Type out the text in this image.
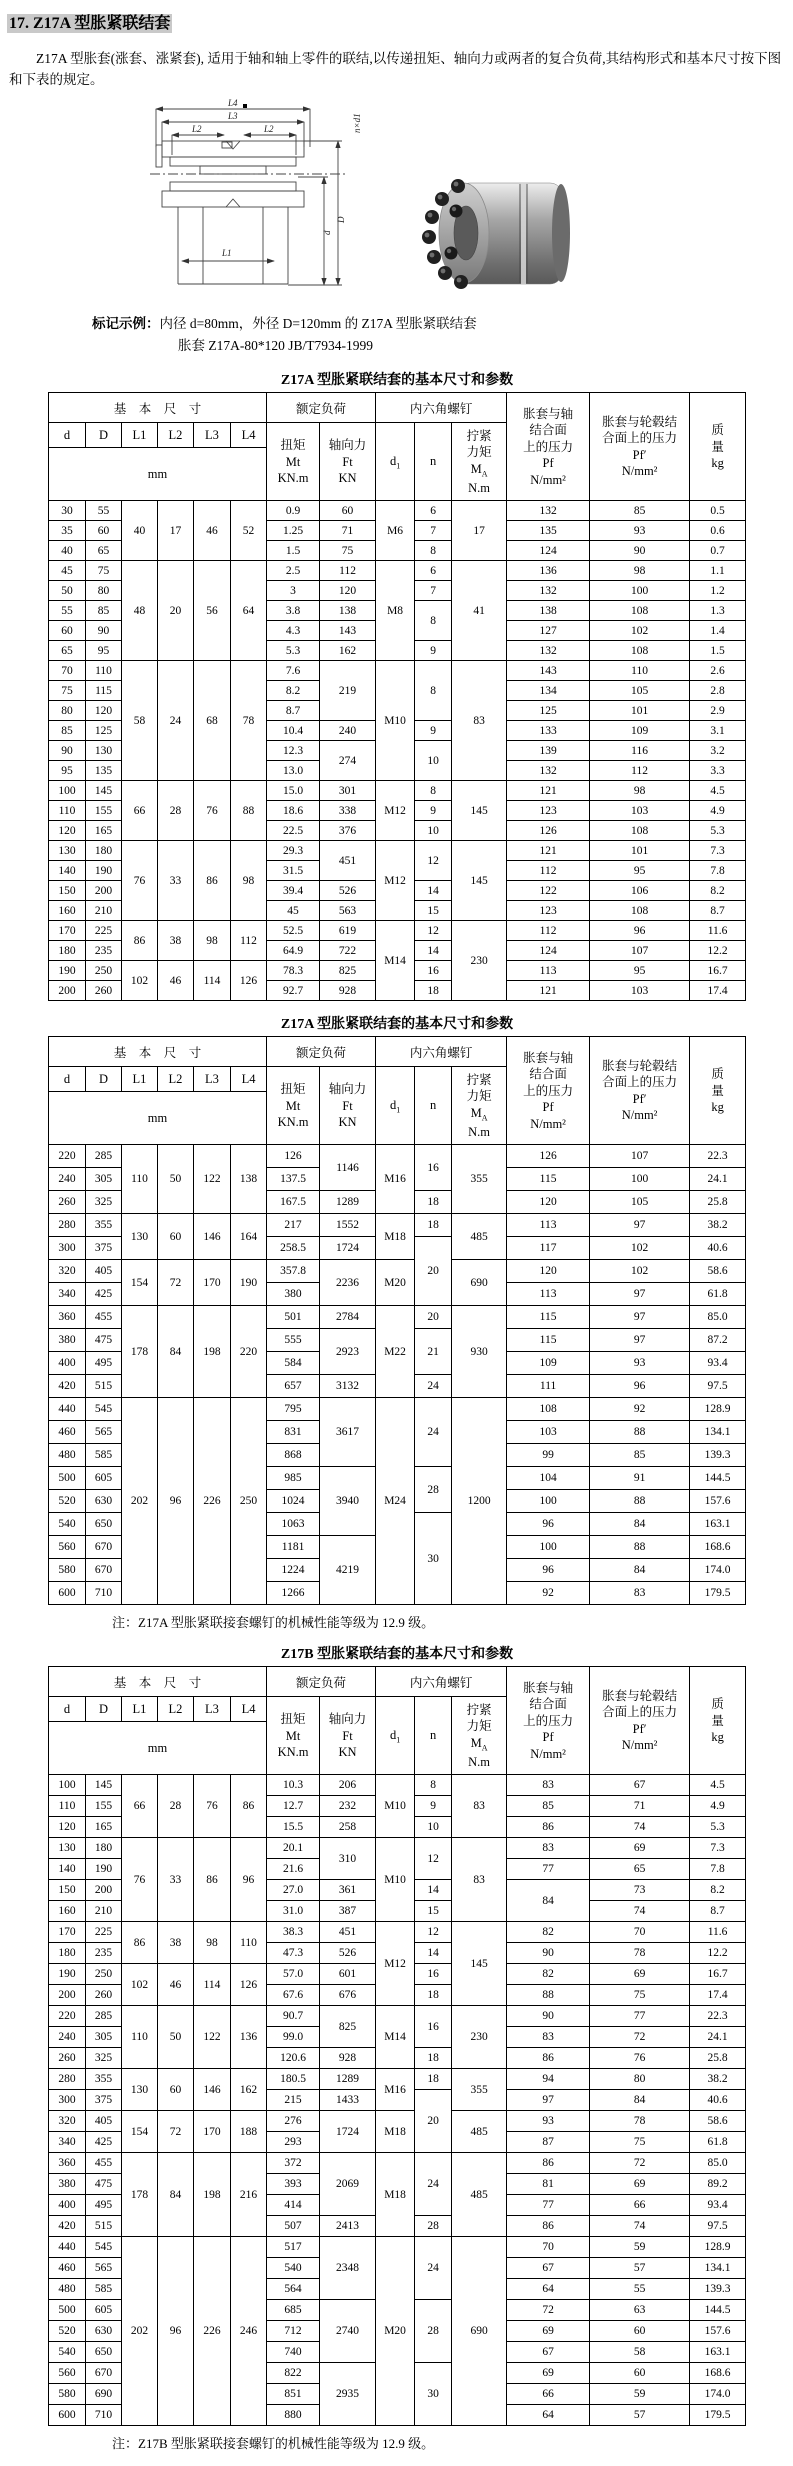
17. Z17A 型胀紧联结套

Z17A 型胀套(涨套、涨紧套), 适用于轴和轴上零件的联结,以传递扭矩、轴向力或两者的复合负荷,其结构形式和基本尺寸按下图和下表的规定。

L4
L3
L2	L2
L1
n×d1
d
D
标记示例：内径 d=80mm，外径 D=120mm 的 Z17A 型胀紧联结套
胀套 Z17A-80*120 JB/T7934-1999
Z17A 型胀紧联结套的基本尺寸和参数
基　本　尺　寸	额定负荷	内六角螺钉	胀套与轴
结合面
上的压力
Pf
N/mm²

胀套与轮毂结
合面上的压力
Pf′
N/mm²

质
量
kg

d	D	L1	L2	L3	L4	
扭矩
Mt
KN.m

轴向力
Ft
KN
	$d_1$	n	
拧紧
力矩
$M_A$
N.m

mm													
30	55	40	17	46	52	0.9	60	M6	6	17	132	85	0.5
35	60					1.25	71		7		135	93	0.6
40	65					1.5	75		8		124	90	0.7
45	75	48	20	56	64	2.5	112	M8	6	41	136	98	1.1
50	80					3	120		7		132	100	1.2
55	85					3.8	138		8		138	108	1.3
60	90					4.3	143				127	102	1.4
65	95					5.3	162		9		132	108	1.5
70	110	58	24	68	78	7.6	219	M10	8	83	143	110	2.6
75	115					8.2					134	105	2.8
80	120					8.7					125	101	2.9
85	125					10.4	240		9		133	109	3.1
90	130					12.3	274		10		139	116	3.2
95	135					13.0					132	112	3.3
100	145	66	28	76	88	15.0	301	M12	8	145	121	98	4.5
110	155					18.6	338		9		123	103	4.9
120	165					22.5	376		10		126	108	5.3
130	180	76	33	86	98	29.3	451	M12	12	145	121	101	7.3
140	190					31.5					112	95	7.8
150	200					39.4	526		14		122	106	8.2
160	210					45	563		15		123	108	8.7
170	225	86	38	98	112	52.5	619	M14	12	230	112	96	11.6
180	235					64.9	722		14		124	107	12.2
190	250	102	46	114	126	78.3	825		16		113	95	16.7
200	260					92.7	928		18		121	103	17.4
Z17A 型胀紧联结套的基本尺寸和参数
基　本　尺　寸	额定负荷	内六角螺钉	胀套与轴
结合面
上的压力
Pf
N/mm²

胀套与轮毂结
合面上的压力
Pf′
N/mm²

质
量
kg

d	D	L1	L2	L3	L4	
扭矩
Mt
KN.m

轴向力
Ft
KN
	$d_1$	n	
拧紧
力矩
$M_A$
N.m

mm													
220	285	110	50	122	138	126	1146	M16	16	355	126	107	22.3
240	305					137.5					115	100	24.1
260	325					167.5	1289		18		120	105	25.8
280	355	130	60	146	164	217	1552	M18	18	485	113	97	38.2
300	375					258.5	1724		20		117	102	40.6
320	405	154	72	170	190	357.8	2236	M20		690	120	102	58.6
340	425					380					113	97	61.8
360	455	178	84	198	220	501	2784	M22	20	930	115	97	85.0
380	475					555	2923		21		115	97	87.2
400	495					584					109	93	93.4
420	515					657	3132		24		111	96	97.5
440	545	202	96	226	250	795	3617	M24	24	1200	108	92	128.9
460	565					831					103	88	134.1
480	585					868					99	85	139.3
500	605					985	3940		28		104	91	144.5
520	630					1024					100	88	157.6
540	650					1063			30		96	84	163.1
560	670					1181	4219				100	88	168.6
580	670					1224					96	84	174.0
600	710					1266					92	83	179.5
注：Z17A 型胀紧联接套螺钉的机械性能等级为 12.9 级。
Z17B 型胀紧联结套的基本尺寸和参数
基　本　尺　寸	额定负荷	内六角螺钉	胀套与轴
结合面
上的压力
Pf
N/mm²

胀套与轮毂结
合面上的压力
Pf′
N/mm²

质
量
kg

d	D	L1	L2	L3	L4	
扭矩
Mt
KN.m

轴向力
Ft
KN
	$d_1$	n	
拧紧
力矩
$M_A$
N.m

mm													
100	145	66	28	76	86	10.3	206	M10	8	83	83	67	4.5
110	155					12.7	232		9		85	71	4.9
120	165					15.5	258		10		86	74	5.3
130	180	76	33	86	96	20.1	310	M10	12	83	83	69	7.3
140	190					21.6					77	65	7.8
150	200					27.0	361		14		84	73	8.2
160	210					31.0	387		15			74	8.7
170	225	86	38	98	110	38.3	451	M12	12	145	82	70	11.6
180	235					47.3	526		14		90	78	12.2
190	250	102	46	114	126	57.0	601		16		82	69	16.7
200	260					67.6	676		18		88	75	17.4
220	285	110	50	122	136	90.7	825	M14	16	230	90	77	22.3
240	305					99.0					83	72	24.1
260	325					120.6	928		18		86	76	25.8
280	355	130	60	146	162	180.5	1289	M16	18	355	94	80	38.2
300	375					215	1433		20		97	84	40.6
320	405	154	72	170	188	276	1724	M18		485	93	78	58.6
340	425					293					87	75	61.8
360	455	178	84	198	216	372	2069	M18	24	485	86	72	85.0
380	475					393					81	69	89.2
400	495					414					77	66	93.4
420	515					507	2413		28		86	74	97.5
440	545	202	96	226	246	517	2348	M20	24	690	70	59	128.9
460	565					540					67	57	134.1
480	585					564					64	55	139.3
500	605					685	2740		28		72	63	144.5
520	630					712					69	60	157.6
540	650					740					67	58	163.1
560	670					822	2935		30		69	60	168.6
580	690					851					66	59	174.0
600	710					880					64	57	179.5
注：Z17B 型胀紧联接套螺钉的机械性能等级为 12.9 级。
